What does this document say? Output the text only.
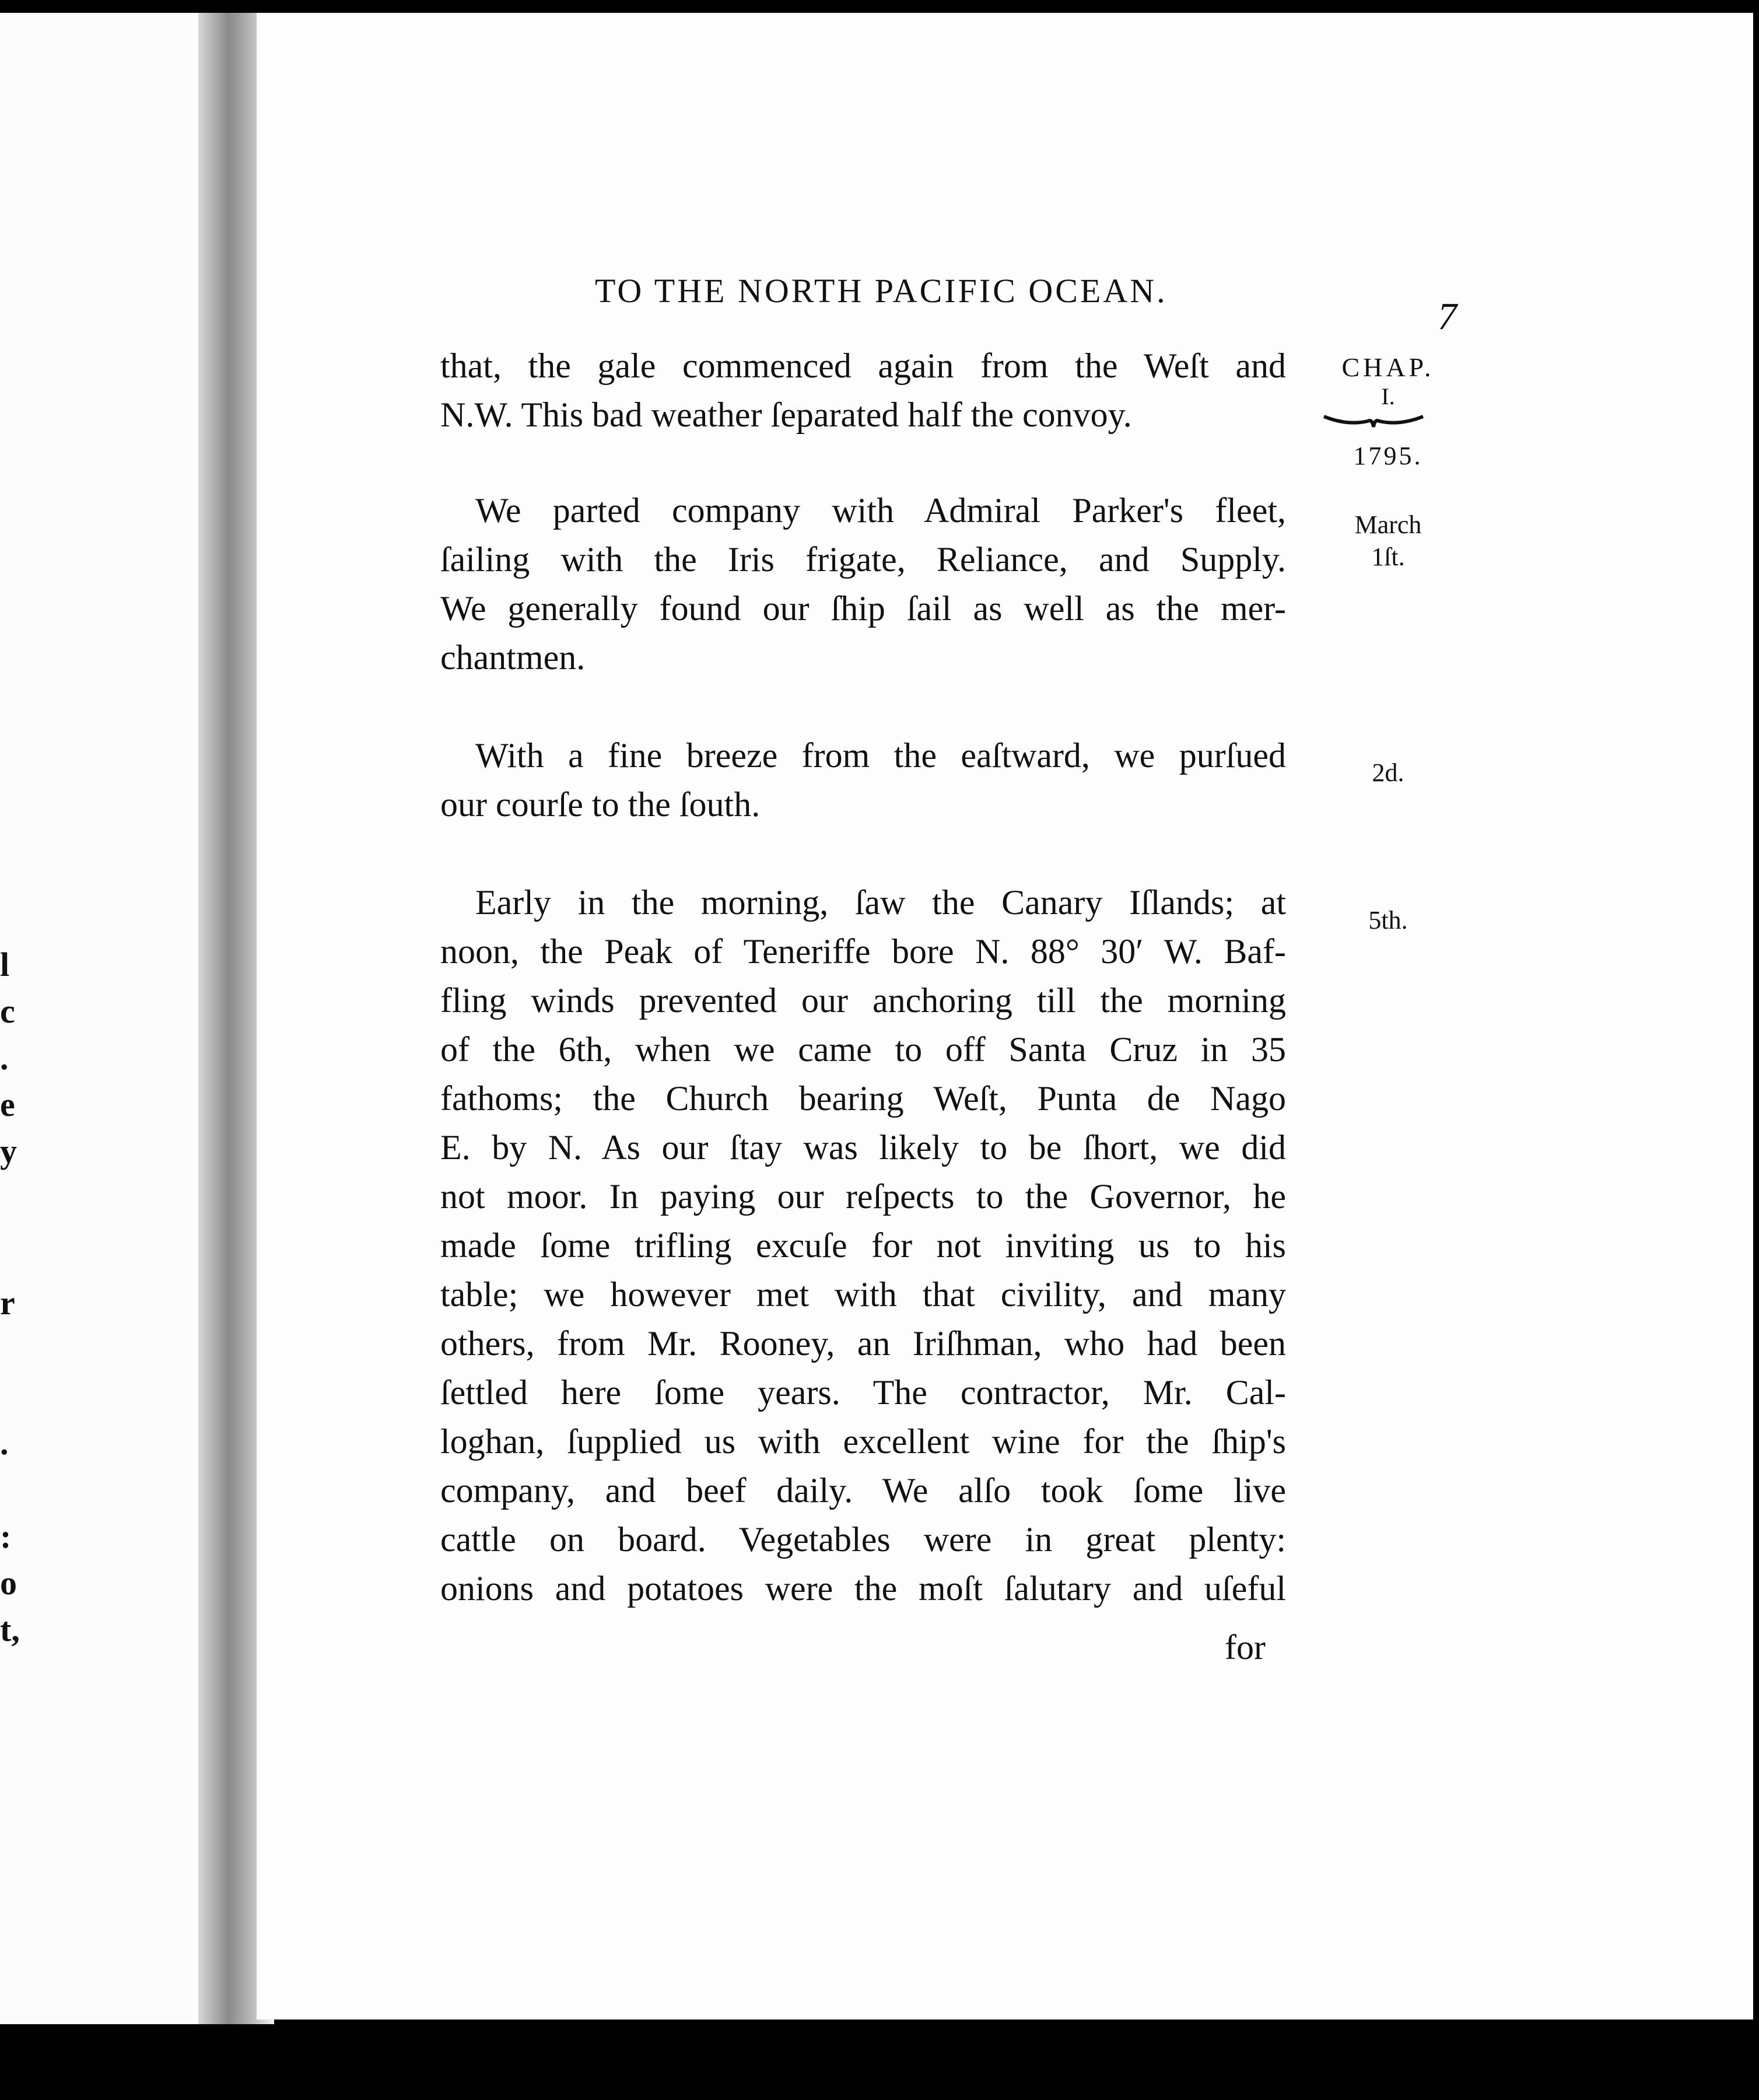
l
c
.
e
y
r
.
:
o
t,
TO THE NORTH PACIFIC OCEAN.
7
CHAP.
I.
1795.
March
1ſt.
2d.
5th.
that, the gale commenced again from the Weſt and
N.W. This bad weather ſeparated half the convoy.
We parted company with Admiral Parker's fleet,
ſailing with the Iris frigate, Reliance, and Supply.
We generally found our ſhip ſail as well as the mer-
chantmen.
With a fine breeze from the eaſtward, we purſued
our courſe to the ſouth.
Early in the morning, ſaw the Canary Iſlands; at
noon, the Peak of Teneriffe bore N. 88° 30′ W. Baf-
fling winds prevented our anchoring till the morning
of the 6th, when we came to off Santa Cruz in 35
fathoms; the Church bearing Weſt, Punta de Nago
E. by N. As our ſtay was likely to be ſhort, we did
not moor. In paying our reſpects to the Governor, he
made ſome trifling excuſe for not inviting us to his
table; we however met with that civility, and many
others, from Mr. Rooney, an Iriſhman, who had been
ſettled here ſome years. The contractor, Mr. Cal-
loghan, ſupplied us with excellent wine for the ſhip's
company, and beef daily. We alſo took ſome live
cattle on board. Vegetables were in great plenty:
onions and potatoes were the moſt ſalutary and uſeful
for
